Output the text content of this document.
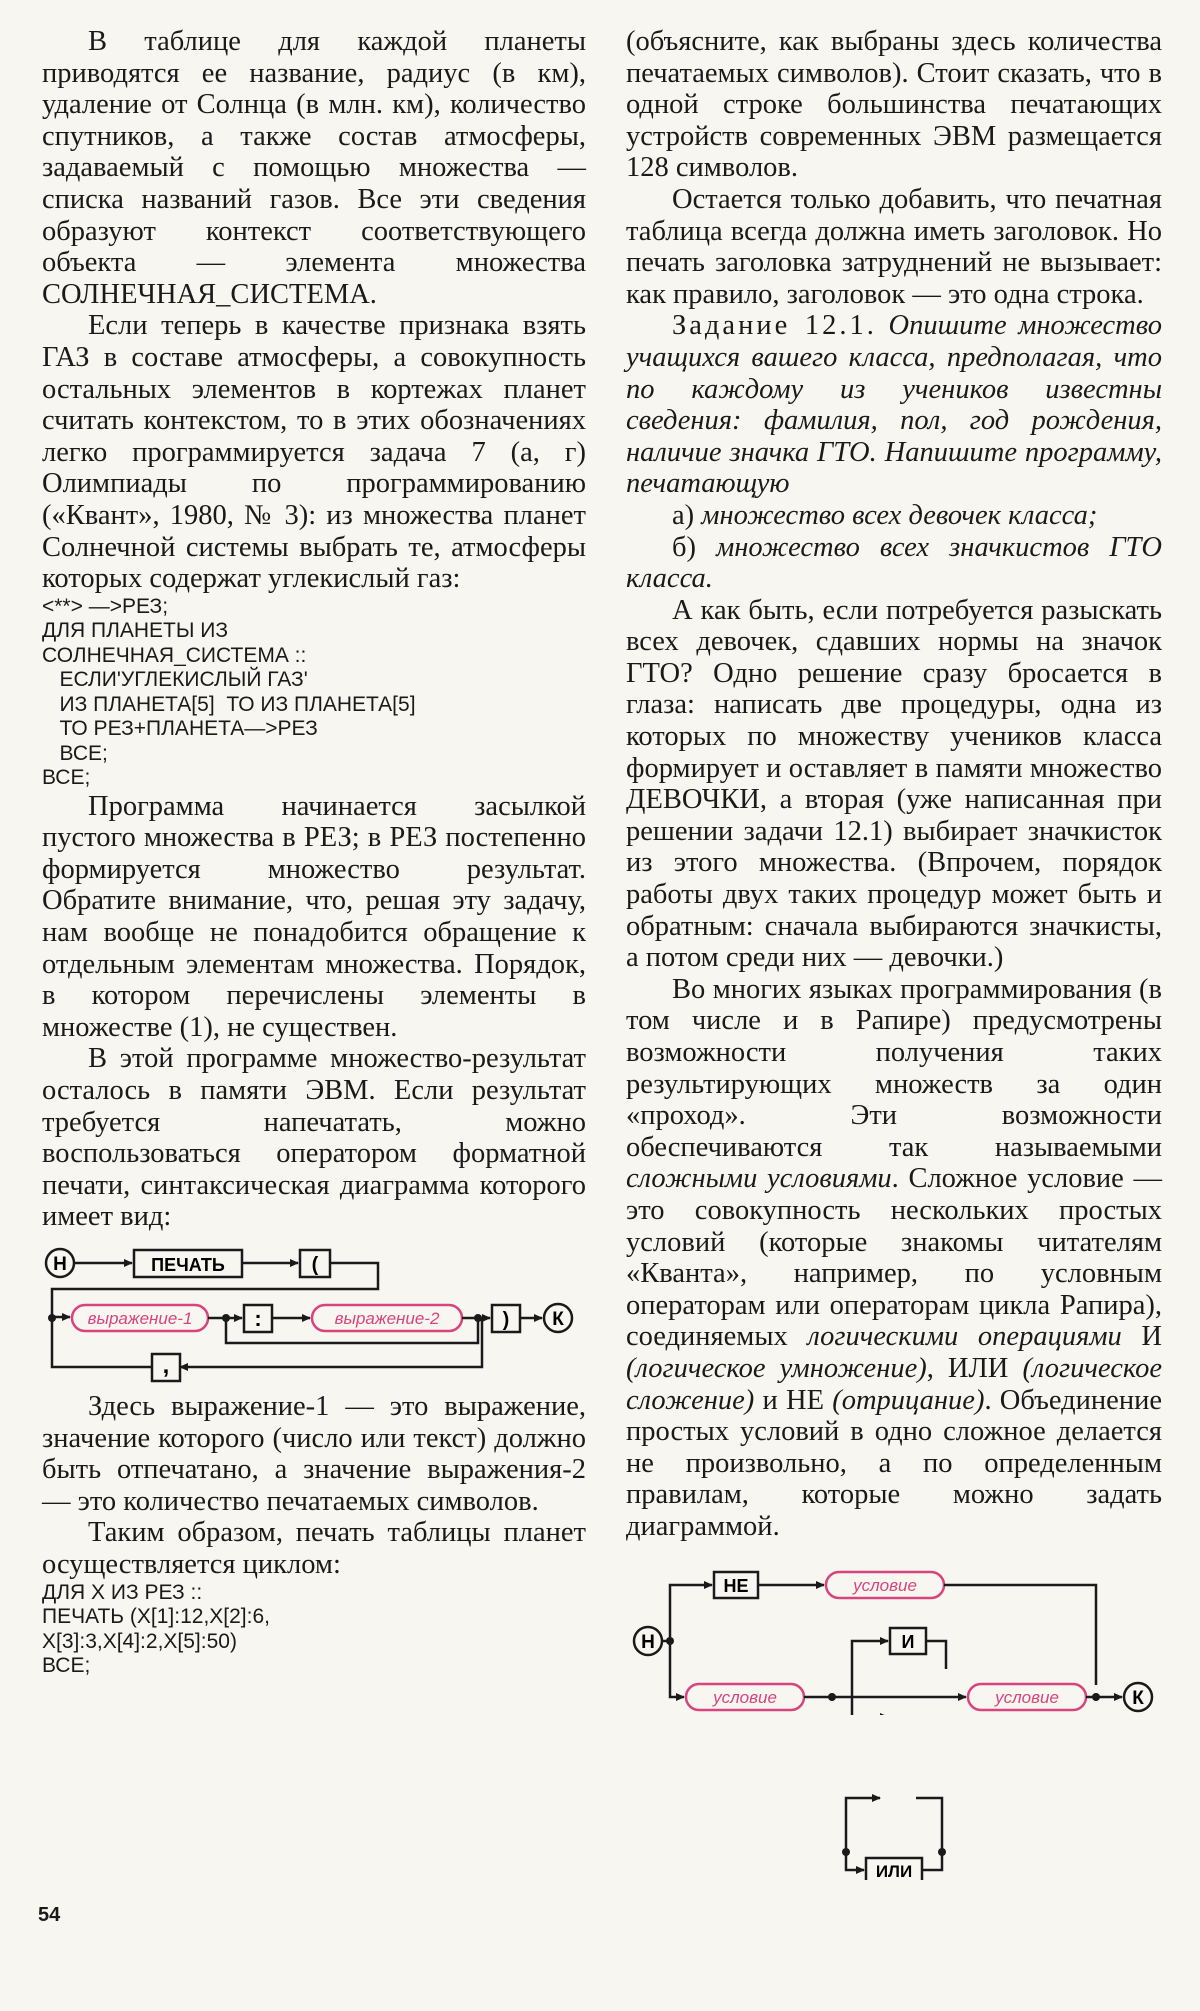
В таблице для каждой планеты приводятся ее название, радиус (в км), удаление от Солнца (в млн. км), количество спутников, а также состав атмосферы, задаваемый с помощью множества — списка названий газов. Все эти сведения образуют контекст соответствующего объекта — элемента множества СОЛНЕЧНАЯ_СИСТЕМА.

Если теперь в качестве признака взять ГАЗ в составе атмосферы, а совокупность остальных элементов в кортежах планет считать контекстом, то в этих обозначениях легко программируется задача 7 (а, г) Олимпиады по программированию («Квант», 1980, № 3): из множества планет Солнечной системы выбрать те, атмосферы которых содержат углекислый газ:

<**> —>РЕЗ;
ДЛЯ ПЛАНЕТЫ ИЗ
СОЛНЕЧНАЯ_СИСТЕМА ::
ЕСЛИ'УГЛЕКИСЛЫЙ ГАЗ'
ИЗ ПЛАНЕТА[5]  ТО ИЗ ПЛАНЕТА[5]
ТО РЕЗ+ПЛАНЕТА—>РЕЗ
ВСЕ;
ВСЕ;

Программа начинается засылкой пустого множества в РЕЗ; в РЕЗ постепенно формируется множество результат. Обратите внимание, что, решая эту задачу, нам вообще не понадобится обращение к отдельным элементам множества. Порядок, в котором перечислены элементы в множестве (1), не существен.

В этой программе множество-результат осталось в памяти ЭВМ. Если результат требуется напечатать, можно воспользоваться оператором форматной печати, синтаксическая диаграмма которого имеет вид:

Н	ПЕЧАТЬ	(
выражение-1	:	выражение-2	) К
,

Здесь выражение-1 — это выражение, значение которого (число или текст) должно быть отпечатано, а значение выражения-2 — это количество печатаемых символов.

Таким образом, печать таблицы планет осуществляется циклом:

ДЛЯ X ИЗ РЕЗ ::
ПЕЧАТЬ (X[1]:12,X[2]:6,
X[3]:3,X[4]:2,X[5]:50)
ВСЕ;

(объясните, как выбраны здесь количества печатаемых символов). Стоит сказать, что в одной строке большинства печатающих устройств современных ЭВМ размещается 128 символов.

Остается только добавить, что печатная таблица всегда должна иметь заголовок. Но печать заголовка затруднений не вызывает: как правило, заголовок — это одна строка.

Задание 12.1. Опишите множество учащихся вашего класса, предполагая, что по каждому из учеников известны сведения: фамилия, пол, год рождения, наличие значка ГТО. Напишите программу, печатающую

а) множество всех девочек класса;

б) множество всех значкистов ГТО класса.

А как быть, если потребуется разыскать всех девочек, сдавших нормы на значок ГТО? Одно решение сразу бросается в глаза: написать две процедуры, одна из которых по множеству учеников класса формирует и оставляет в памяти множество ДЕВОЧКИ, а вторая (уже написанная при решении задачи 12.1) выбирает значкисток из этого множества. (Впрочем, порядок работы двух таких процедур может быть и обратным: сначала выбираются значкисты, а потом среди них — девочки.)

Во многих языках программирования (в том числе и в Рапире) предусмотрены возможности получения таких результирующих множеств за один «проход». Эти возможности обеспечиваются так называемыми сложными условиями. Сложное условие — это совокупность нескольких простых условий (которые знакомы читателям «Кванта», например, по условным операторам или операторам цикла Рапира), соединяемых логическими операциями И (логическое умножение), ИЛИ (логическое сложение) и НЕ (отрицание). Объединение простых условий в одно сложное делается не произвольно, а по определенным правилам, которые можно задать диаграммой.

Н
НЕ	условие
условие
И
условие	К
ИЛИ
54
